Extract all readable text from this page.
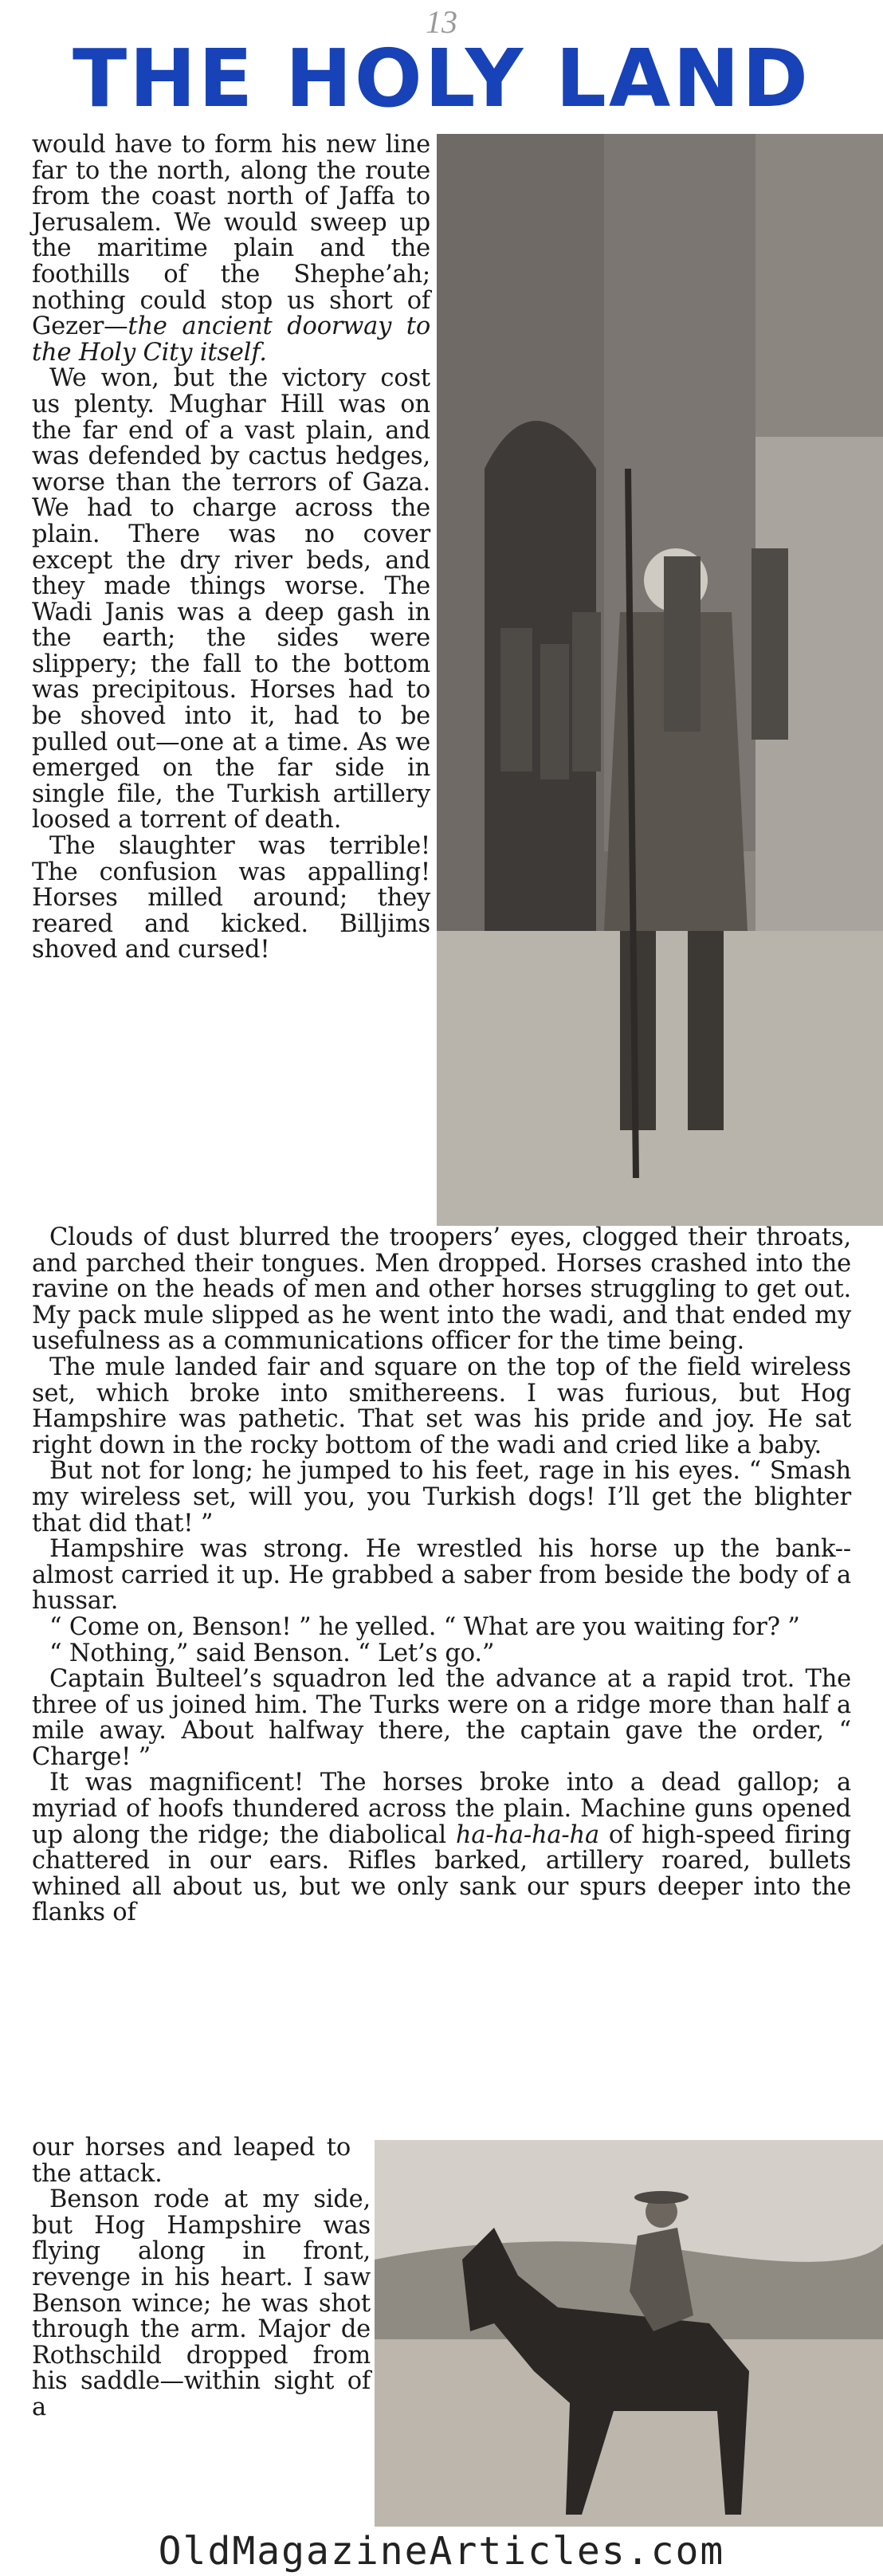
13
THE HOLY LAND

would have to form his new line far to the north, along the route from the coast north of Jaffa to Jerusalem. We would sweep up the maritime plain and the foothills of the Shephe’ah; nothing could stop us short of Gezer—the ancient doorway to the Holy City itself.

We won, but the victory cost us plenty. Mughar Hill was on the far end of a vast plain, and was defended by cactus hedges, worse than the terrors of Gaza. We had to charge across the plain. There was no cover except the dry river beds, and they made things worse. The Wadi Janis was a deep gash in the earth; the sides were slippery; the fall to the bottom was precipitous. Horses had to be shoved into it, had to be pulled out—one at a time. As we emerged on the far side in single file, the Turkish artillery loosed a torrent of death.

The slaughter was terrible! The confusion was appalling! Horses milled around; they reared and kicked. Billjims shoved and cursed!

Clouds of dust blurred the troopers’ eyes, clogged their throats, and parched their tongues. Men dropped. Horses crashed into the ravine on the heads of men and other horses struggling to get out. My pack mule slipped as he went into the wadi, and that ended my usefulness as a communications officer for the time being.

The mule landed fair and square on the top of the field wireless set, which broke into smithereens. I was furious, but Hog Hampshire was pathetic. That set was his pride and joy. He sat right down in the rocky bottom of the wadi and cried like a baby.

But not for long; he jumped to his feet, rage in his eyes. “ Smash my wireless set, will you, you Turkish dogs! I’ll get the blighter that did that! ”

Hampshire was strong. He wrestled his horse up the bank--almost carried it up. He grabbed a saber from beside the body of a hussar.

“ Come on, Benson! ” he yelled. “ What are you waiting for? ”

“ Nothing,” said Benson. “ Let’s go.”

Captain Bulteel’s squadron led the advance at a rapid trot. The three of us joined him. The Turks were on a ridge more than half a mile away. About halfway there, the captain gave the order, “ Charge! ”

It was magnificent! The horses broke into a dead gallop; a myriad of hoofs thundered across the plain. Machine guns opened up along the ridge; the diabolical ha-ha-ha-ha of high-speed firing chattered in our ears. Rifles barked, artillery roared, bullets whined all about us, but we only sank our spurs deeper into the flanks of

our horses and leaped to the attack.

Benson rode at my side, but Hog Hampshire was flying along in front, revenge in his heart. I saw Benson wince; he was shot through the arm. Major de Rothschild dropped from his saddle—within sight of a

OldMagazineArticles.com
